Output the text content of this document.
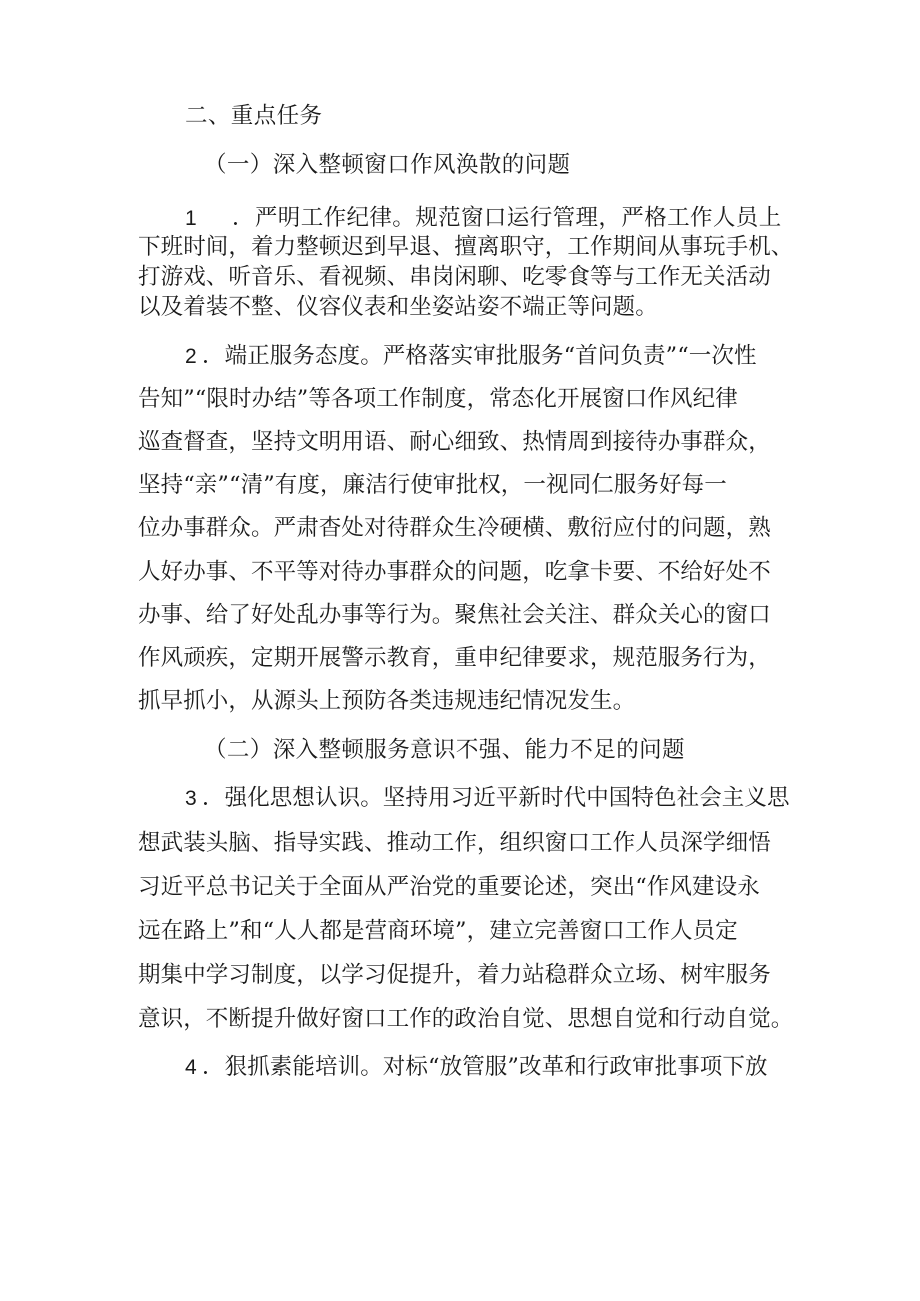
二、重点任务
（一）深入整顿窗口作风涣散的问题
1 ．严明工作纪律。规范窗口运行管理，严格工作人员上
下班时间，着力整顿迟到早退、擅离职守，工作期间从事玩手机、
打游戏、听音乐、看视频、串岗闲聊、吃零食等与工作无关活动
以及着装不整、仪容仪表和坐姿站姿不端正等问题。
2 ．端正服务态度。严格落实审批服务“首问负责”“一次性
告知”“限时办结”等各项工作制度，常态化开展窗口作风纪律
巡查督查，坚持文明用语、耐心细致、热情周到接待办事群众，
坚持“亲”“清”有度，廉洁行使审批权，一视同仁服务好每一
位办事群众。严肃杳处对待群众生冷硬横、敷衍应付的问题，熟
人好办事、不平等对待办事群众的问题，吃拿卡要、不给好处不
办事、给了好处乱办事等行为。聚焦社会关注、群众关心的窗口
作风顽疾，定期开展警示教育，重申纪律要求，规范服务行为，
抓早抓小，从源头上预防各类违规违纪情况发生。
（二）深入整顿服务意识不强、能力不足的问题
3 ．强化思想认识。坚持用习近平新时代中国特色社会主义思
想武装头脑、指导实践、推动工作，组织窗口工作人员深学细悟
习近平总书记关于全面从严治党的重要论述，突出“作风建设永
远在路上”和“人人都是营商环境”，建立完善窗口工作人员定
期集中学习制度，以学习促提升，着力站稳群众立场、树牢服务
意识，不断提升做好窗口工作的政治自觉、思想自觉和行动自觉。
4 ．狠抓素能培训。对标“放管服”改革和行政审批事项下放
